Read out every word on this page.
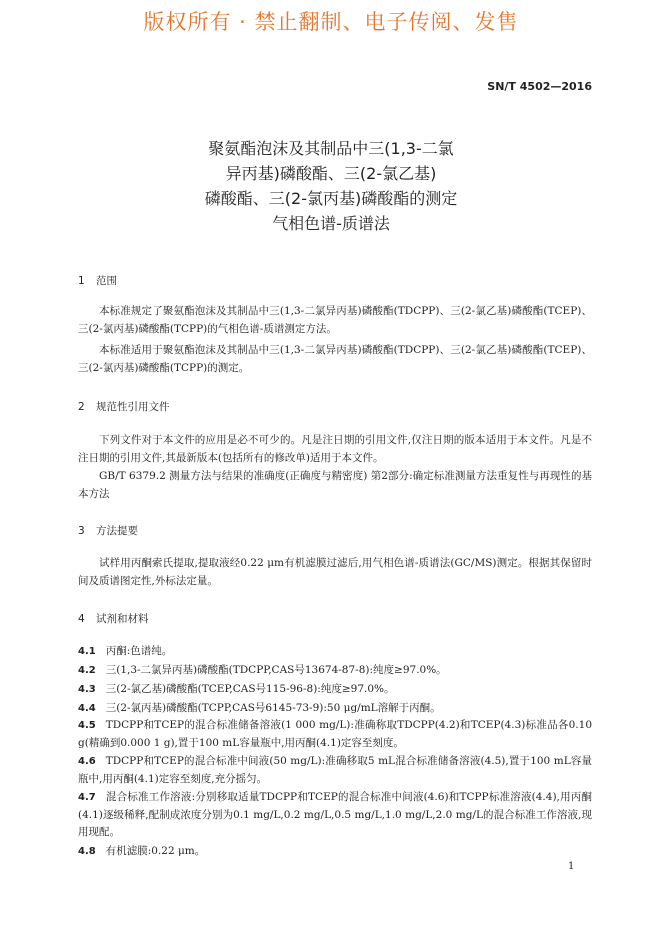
版权所有 · 禁止翻制、电子传阅、发售
SN/T 4502—2016
聚氨酯泡沫及其制品中三(1,3-二氯
异丙基)磷酸酯、三(2-氯乙基)
磷酸酯、三(2-氯丙基)磷酸酯的测定
气相色谱-质谱法
1 范围
本标准规定了聚氨酯泡沫及其制品中三(1,3-二氯异丙基)磷酸酯(TDCPP)、三(2-氯乙基)磷酸酯(TCEP)、三(2-氯丙基)磷酸酯(TCPP)的气相色谱-质谱测定方法。
本标准适用于聚氨酯泡沫及其制品中三(1,3-二氯异丙基)磷酸酯(TDCPP)、三(2-氯乙基)磷酸酯(TCEP)、三(2-氯丙基)磷酸酯(TCPP)的测定。
2 规范性引用文件
下列文件对于本文件的应用是必不可少的。凡是注日期的引用文件,仅注日期的版本适用于本文件。凡是不注日期的引用文件,其最新版本(包括所有的修改单)适用于本文件。
GB/T 6379.2 测量方法与结果的准确度(正确度与精密度) 第2部分:确定标准测量方法重复性与再现性的基本方法
3 方法提要
试样用丙酮索氏提取,提取液经0.22 μm有机滤膜过滤后,用气相色谱-质谱法(GC/MS)测定。根据其保留时间及质谱图定性,外标法定量。
4 试剂和材料
4.1 丙酮:色谱纯。
4.2 三(1,3-二氯异丙基)磷酸酯(TDCPP,CAS号13674-87-8):纯度≥97.0%。
4.3 三(2-氯乙基)磷酸酯(TCEP,CAS号115-96-8):纯度≥97.0%。
4.4 三(2-氯丙基)磷酸酯(TCPP,CAS号6145-73-9):50 μg/mL溶解于丙酮。
4.5 TDCPP和TCEP的混合标准储备溶液(1 000 mg/L):准确称取TDCPP(4.2)和TCEP(4.3)标准品各0.10 g(精确到0.000 1 g),置于100 mL容量瓶中,用丙酮(4.1)定容至刻度。
4.6 TDCPP和TCEP的混合标准中间液(50 mg/L):准确移取5 mL混合标准储备溶液(4.5),置于100 mL容量瓶中,用丙酮(4.1)定容至刻度,充分摇匀。
4.7 混合标准工作溶液:分别移取适量TDCPP和TCEP的混合标准中间液(4.6)和TCPP标准溶液(4.4),用丙酮(4.1)逐级稀释,配制成浓度分别为0.1 mg/L,0.2 mg/L,0.5 mg/L,1.0 mg/L,2.0 mg/L的混合标准工作溶液,现用现配。
4.8 有机滤膜:0.22 μm。
1
